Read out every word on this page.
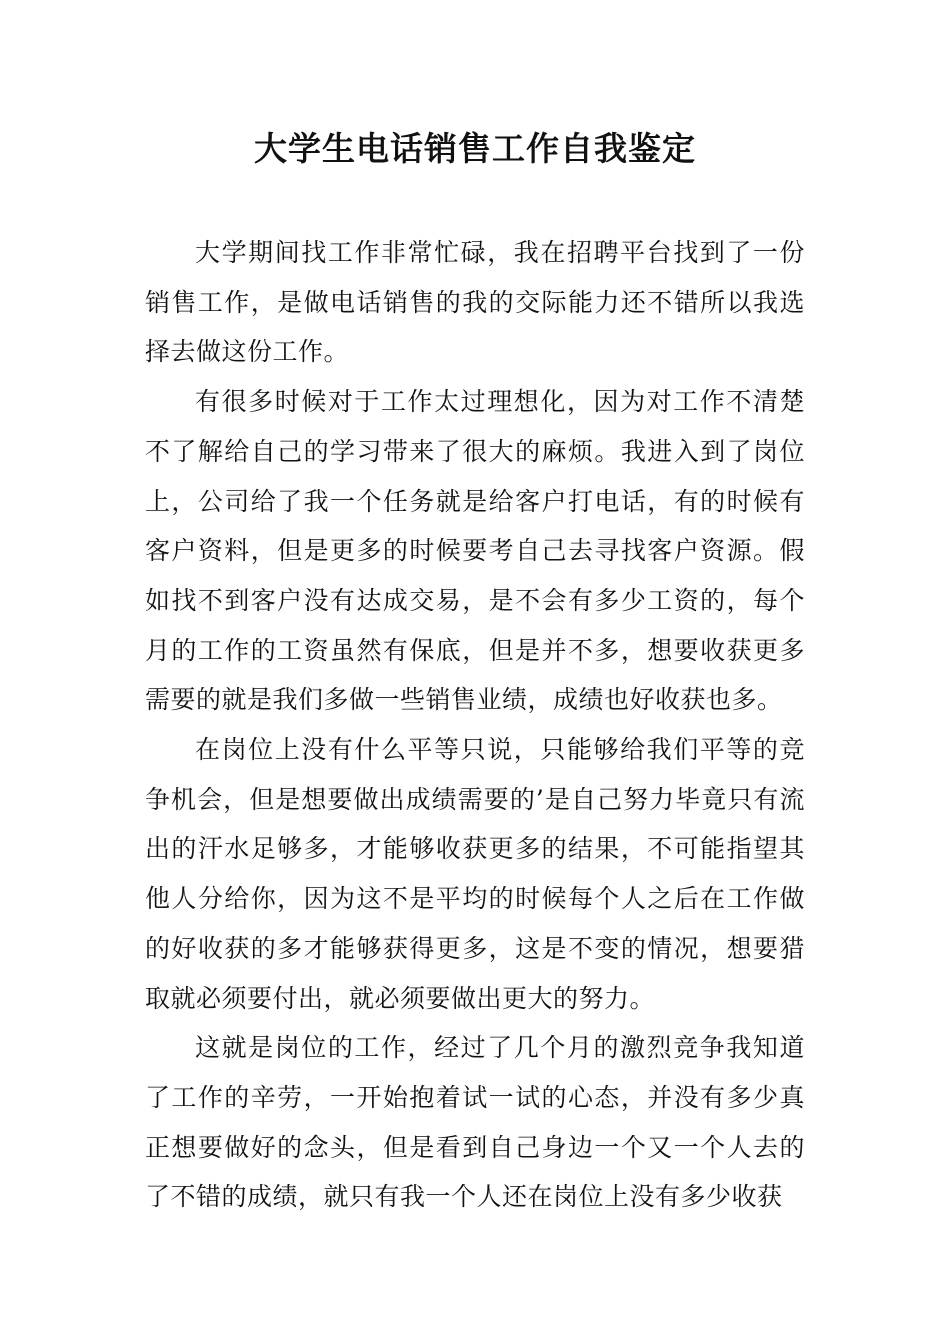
大学生电话销售工作自我鉴定

大学期间找工作非常忙碌，我在招聘平台找到了一份销售工作，是做电话销售的我的交际能力还不错所以我选择去做这份工作。

有很多时候对于工作太过理想化，因为对工作不清楚不了解给自己的学习带来了很大的麻烦。我进入到了岗位上，公司给了我一个任务就是给客户打电话，有的时候有客户资料，但是更多的时候要考自己去寻找客户资源。假如找不到客户没有达成交易，是不会有多少工资的，每个月的工作的工资虽然有保底，但是并不多，想要收获更多需要的就是我们多做一些销售业绩，成绩也好收获也多。

在岗位上没有什么平等只说，只能够给我们平等的竞争机会，但是想要做出成绩需要的’是自己努力毕竟只有流出的汗水足够多，才能够收获更多的结果，不可能指望其他人分给你，因为这不是平均的时候每个人之后在工作做的好收获的多才能够获得更多，这是不变的情况，想要猎取就必须要付出，就必须要做出更大的努力。

这就是岗位的工作，经过了几个月的激烈竞争我知道了工作的辛劳，一开始抱着试一试的心态，并没有多少真正想要做好的念头，但是看到自己身边一个又一个人去的了不错的成绩，就只有我一个人还在岗位上没有多少收获
